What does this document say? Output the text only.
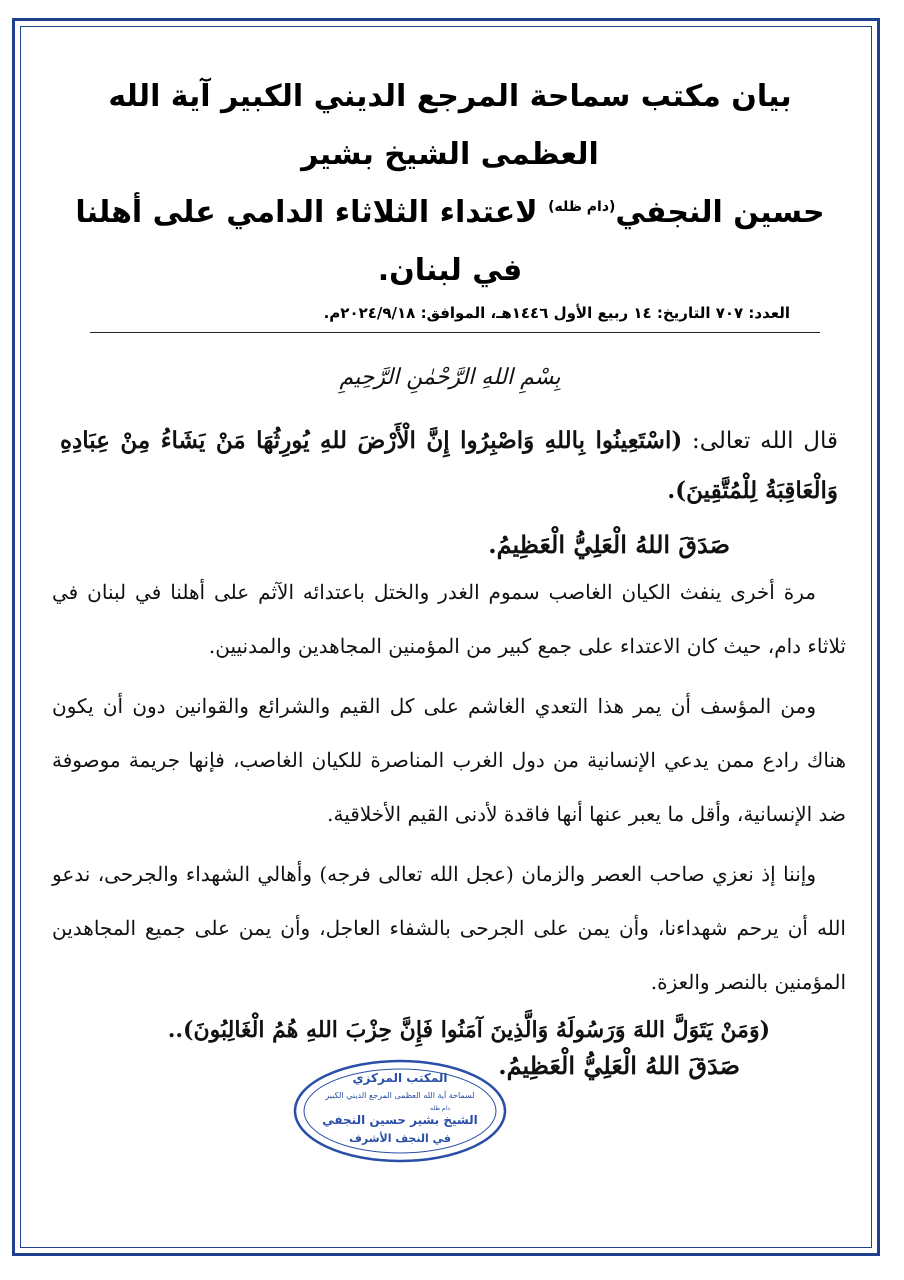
بيان مكتب سماحة المرجع الديني الكبير آية الله العظمى الشيخ بشير
حسين النجفي$^{(دام ظله)}$ لاعتداء الثلاثاء الدامي على أهلنا في لبنان.
العدد: ٧٠٧ التاريخ: ١٤ ربيع الأول ١٤٤٦هـ، الموافق: ٢٠٢٤/٩/١٨م.
بِسْمِ اللهِ الرَّحْمٰنِ الرَّحِيمِ
قال الله تعالى: (اسْتَعِينُوا بِاللهِ وَاصْبِرُوا إِنَّ الْأَرْضَ للهِ يُورِثُهَا مَنْ يَشَاءُ مِنْ عِبَادِهِ وَالْعَاقِبَةُ لِلْمُتَّقِينَ).
صَدَقَ اللهُ الْعَلِيُّ الْعَظِيمُ.

مرة أخرى ينفث الكيان الغاصب سموم الغدر والختل باعتدائه الآثم على أهلنا في لبنان في ثلاثاء دام، حيث كان الاعتداء على جمع كبير من المؤمنين المجاهدين والمدنيين.

ومن المؤسف أن يمر هذا التعدي الغاشم على كل القيم والشرائع والقوانين دون أن يكون هناك رادع ممن يدعي الإنسانية من دول الغرب المناصرة للكيان الغاصب، فإنها جريمة موصوفة ضد الإنسانية، وأقل ما يعبر عنها أنها فاقدة لأدنى القيم الأخلاقية.

وإننا إذ نعزي صاحب العصر والزمان (عجل الله تعالى فرجه) وأهالي الشهداء والجرحى، ندعو الله أن يرحم شهداءنا، وأن يمن على الجرحى بالشفاء العاجل، وأن يمن على جميع المجاهدين المؤمنين بالنصر والعزة.

(وَمَنْ يَتَوَلَّ اللهَ وَرَسُولَهُ وَالَّذِينَ آمَنُوا فَإِنَّ حِزْبَ اللهِ هُمُ الْغَالِبُونَ)..
صَدَقَ اللهُ الْعَلِيُّ الْعَظِيمُ.
المكتب المركزي
لسماحة آية الله العظمى المرجع الديني الكبير
دام ظله
الشيخ بشير حسين النجفي
في النجف الأشرف
